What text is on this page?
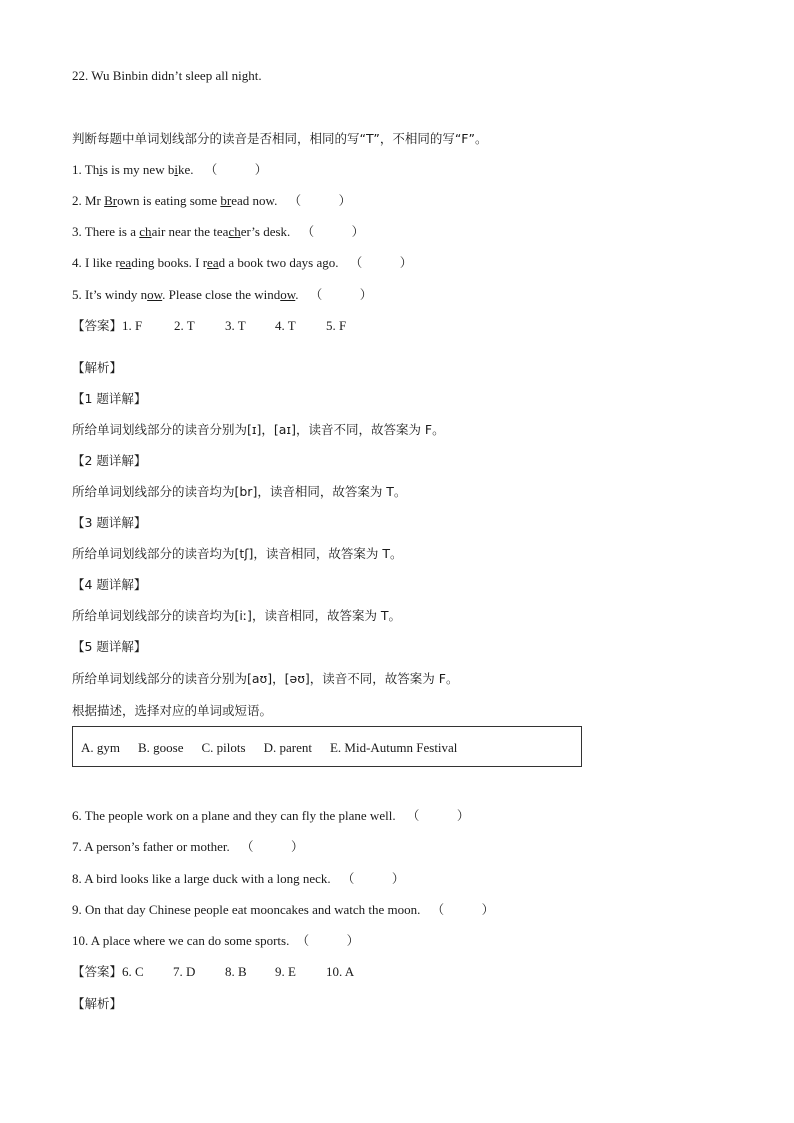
22. Wu Binbin didn’t sleep all night.
判断每题中单词划线部分的读音是否相同，相同的写“T”，不相同的写“F”。
1. This is my new bike. （　　　）
2. Mr Brown is eating some bread now. （　　　）
3. There is a chair near the teacher’s desk. （　　　）
4. I like reading books. I read a book two days ago. （　　　）
5. It’s windy now. Please close the window. （　　　）
【答案】1. F 2. T 3. T 4. T 5. F
【解析】
【1 题详解】
所给单词划线部分的读音分别为[ɪ]，[aɪ]，读音不同，故答案为 F。
【2 题详解】
所给单词划线部分的读音均为[br]，读音相同，故答案为 T。
【3 题详解】
所给单词划线部分的读音均为[tʃ]，读音相同，故答案为 T。
【4 题详解】
所给单词划线部分的读音均为[iː]，读音相同，故答案为 T。
【5 题详解】
所给单词划线部分的读音分别为[aʊ]，[əʊ]，读音不同，故答案为 F。
根据描述，选择对应的单词或短语。
A. gym B. goose C. pilots D. parent E. Mid-Autumn Festival
6. The people work on a plane and they can fly the plane well. （　　　）
7. A person’s father or mother. （　　　）
8. A bird looks like a large duck with a long neck. （　　　）
9. On that day Chinese people eat mooncakes and watch the moon. （　　　）
10. A place where we can do some sports. （　　　）
【答案】6. C 7. D 8. B 9. E 10. A
【解析】
